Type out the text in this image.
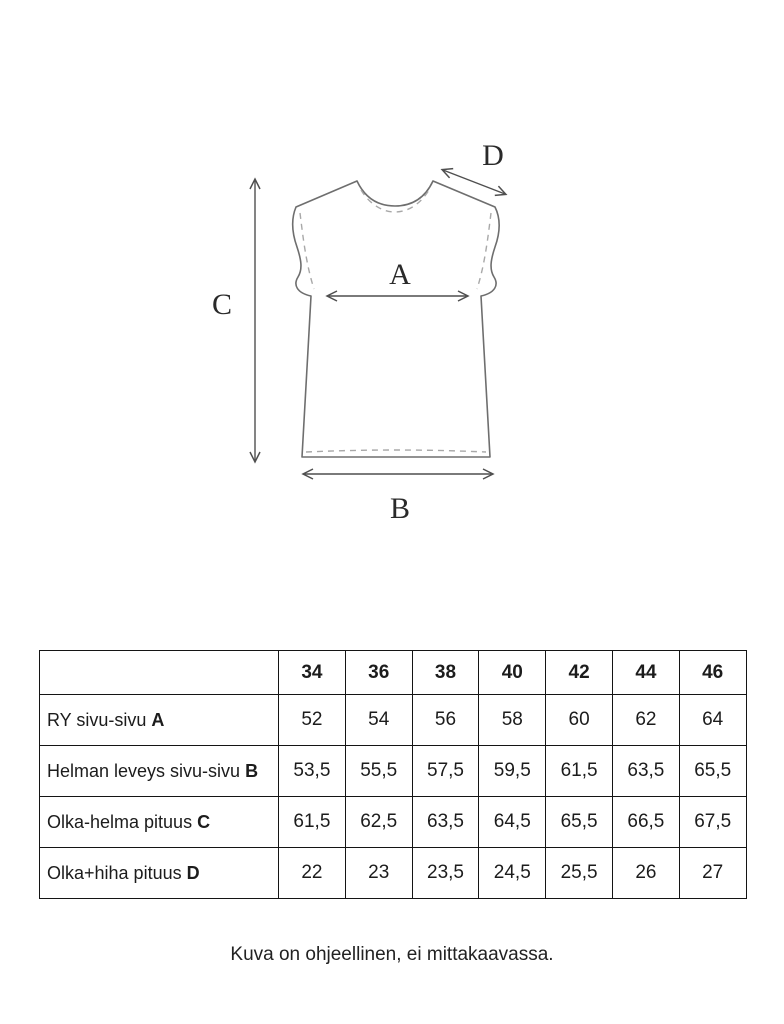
A
B
C
D
	34	36	38	40	42	44	46
RY sivu-sivu A	52	54	56	58	60	62	64
Helman leveys sivu-sivu B	53,5	55,5	57,5	59,5	61,5	63,5	65,5
Olka-helma pituus C	61,5	62,5	63,5	64,5	65,5	66,5	67,5
Olka+hiha pituus D	22	23	23,5	24,5	25,5	26	27
Kuva on ohjeellinen, ei mittakaavassa.
